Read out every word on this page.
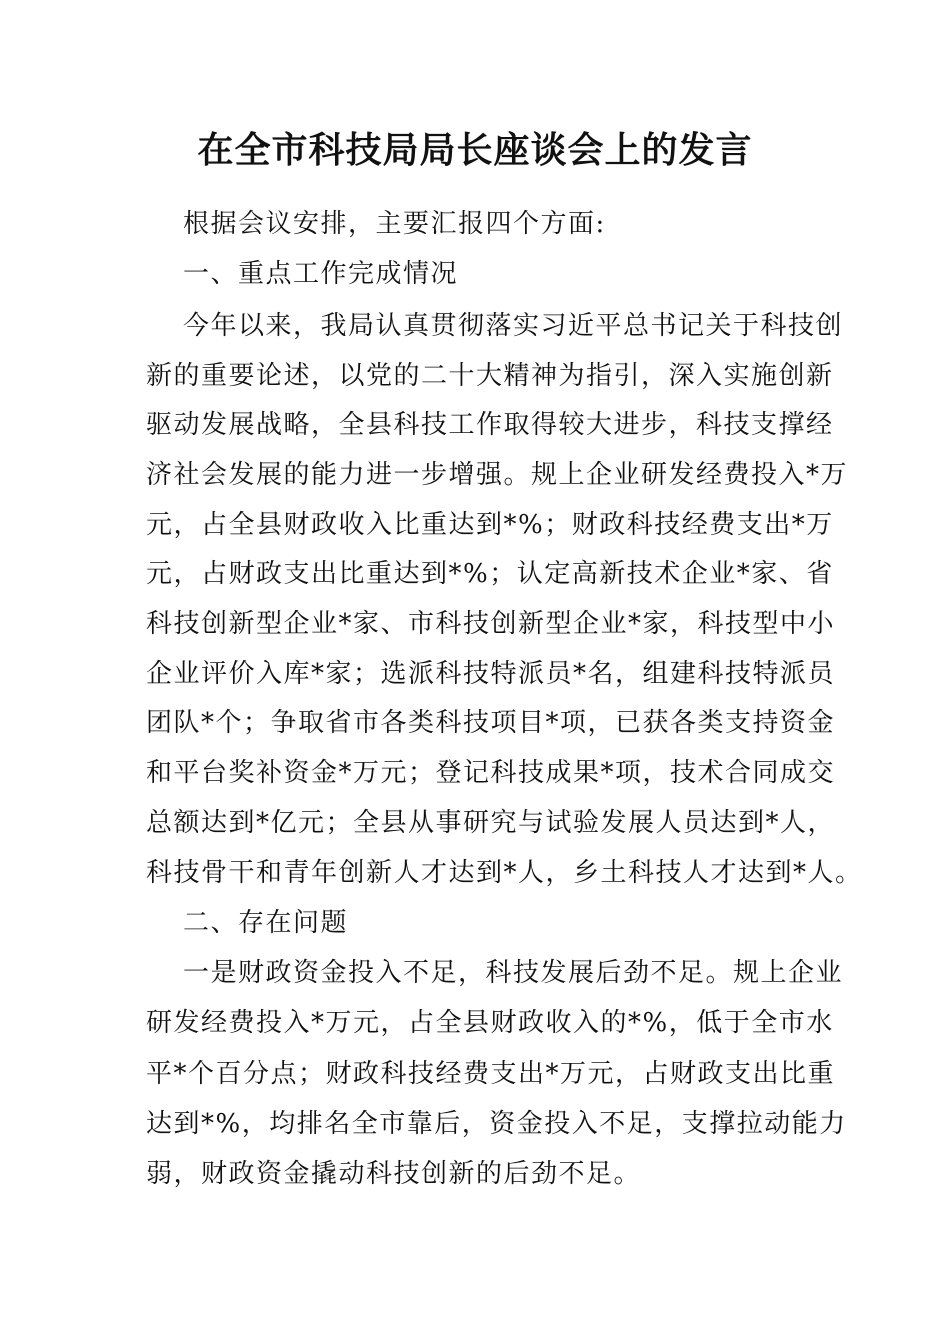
在全市科技局局长座谈会上的发言

根据会议安排，主要汇报四个方面:

一、重点工作完成情况

今年以来，我局认真贯彻落实习近平总书记关于科技创

新的重要论述，以党的二十大精神为指引，深入实施创新

驱动发展战略，全县科技工作取得较大进步，科技支撑经

济社会发展的能力进一步增强。规上企业研发经费投入*万

元，占全县财政收入比重达到*%；财政科技经费支出*万

元，占财政支出比重达到*%；认定高新技术企业*家、省

科技创新型企业*家、市科技创新型企业*家，科技型中小

企业评价入库*家；选派科技特派员*名，组建科技特派员

团队*个；争取省市各类科技项目*项，已获各类支持资金

和平台奖补资金*万元；登记科技成果*项，技术合同成交

总额达到*亿元；全县从事研究与试验发展人员达到*人，

科技骨干和青年创新人才达到*人，乡土科技人才达到*人。

二、存在问题

一是财政资金投入不足，科技发展后劲不足。规上企业

研发经费投入*万元，占全县财政收入的*%，低于全市水

平*个百分点；财政科技经费支出*万元，占财政支出比重

达到*%，均排名全市靠后，资金投入不足，支撑拉动能力

弱，财政资金撬动科技创新的后劲不足。
